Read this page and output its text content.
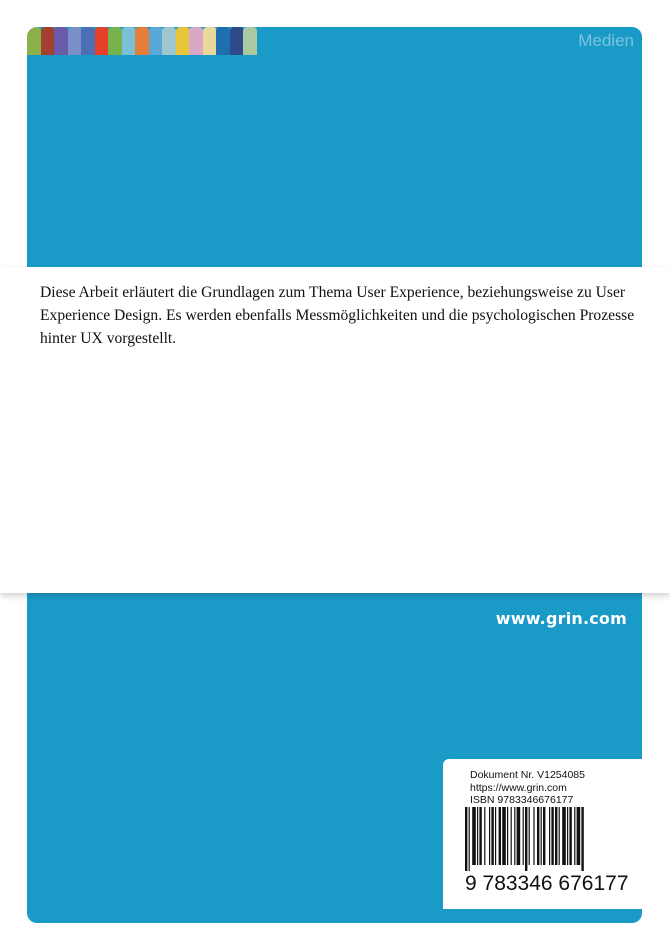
Medien
www.grin.com
Dokument Nr. V1254085
https://www.grin.com
ISBN 9783346676177
9 783346 676177

Diese Arbeit erläutert die Grundlagen zum Thema User Experience, beziehungsweise zu User Experience Design. Es werden ebenfalls Messmöglichkeiten und die psychologischen Prozesse hinter UX vorgestellt.
